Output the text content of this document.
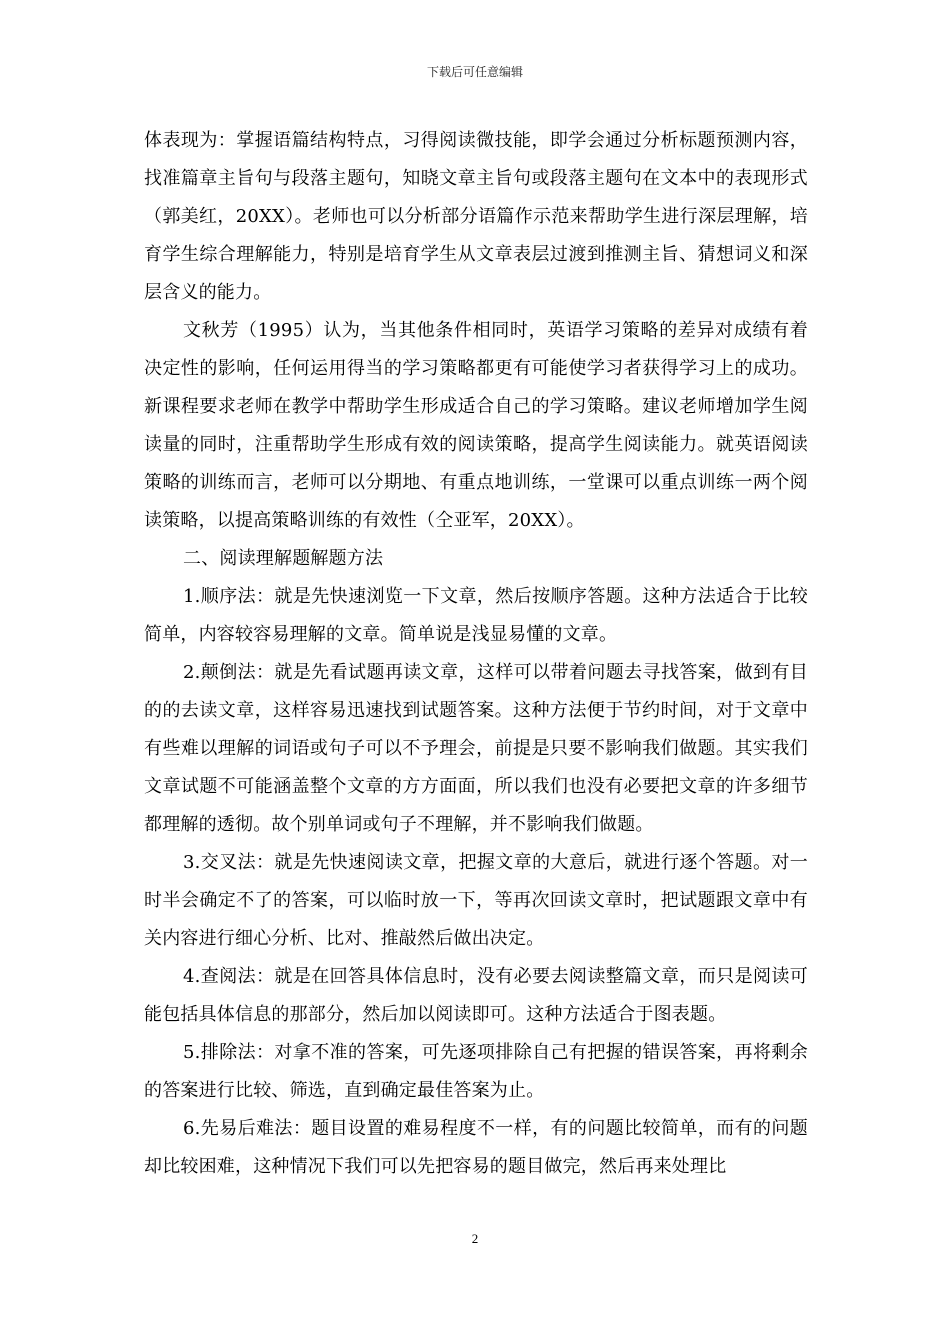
下载后可任意编辑

体表现为：掌握语篇结构特点，习得阅读微技能，即学会通过分析标题预测内容，找准篇章主旨句与段落主题句，知晓文章主旨句或段落主题句在文本中的表现形式（郭美红，20XX）。老师也可以分析部分语篇作示范来帮助学生进行深层理解，培育学生综合理解能力，特别是培育学生从文章表层过渡到推测主旨、猜想词义和深层含义的能力。

文秋芳（1995）认为，当其他条件相同时，英语学习策略的差异对成绩有着决定性的影响，任何运用得当的学习策略都更有可能使学习者获得学习上的成功。新课程要求老师在教学中帮助学生形成适合自己的学习策略。建议老师增加学生阅读量的同时，注重帮助学生形成有效的阅读策略，提高学生阅读能力。就英语阅读策略的训练而言，老师可以分期地、有重点地训练，一堂课可以重点训练一两个阅读策略，以提高策略训练的有效性（仝亚军，20XX）。

二、阅读理解题解题方法

1.顺序法：就是先快速浏览一下文章，然后按顺序答题。这种方法适合于比较简单，内容较容易理解的文章。简单说是浅显易懂的文章。

2.颠倒法：就是先看试题再读文章，这样可以带着问题去寻找答案，做到有目的的去读文章，这样容易迅速找到试题答案。这种方法便于节约时间，对于文章中有些难以理解的词语或句子可以不予理会，前提是只要不影响我们做题。其实我们文章试题不可能涵盖整个文章的方方面面，所以我们也没有必要把文章的许多细节都理解的透彻。故个别单词或句子不理解，并不影响我们做题。

3.交叉法：就是先快速阅读文章，把握文章的大意后，就进行逐个答题。对一时半会确定不了的答案，可以临时放一下，等再次回读文章时，把试题跟文章中有关内容进行细心分析、比对、推敲然后做出决定。

4.查阅法：就是在回答具体信息时，没有必要去阅读整篇文章，而只是阅读可能包括具体信息的那部分，然后加以阅读即可。这种方法适合于图表题。

5.排除法：对拿不准的答案，可先逐项排除自己有把握的错误答案，再将剩余的答案进行比较、筛选，直到确定最佳答案为止。

6.先易后难法：题目设置的难易程度不一样，有的问题比较简单，而有的问题却比较困难，这种情况下我们可以先把容易的题目做完，然后再来处理比

2
